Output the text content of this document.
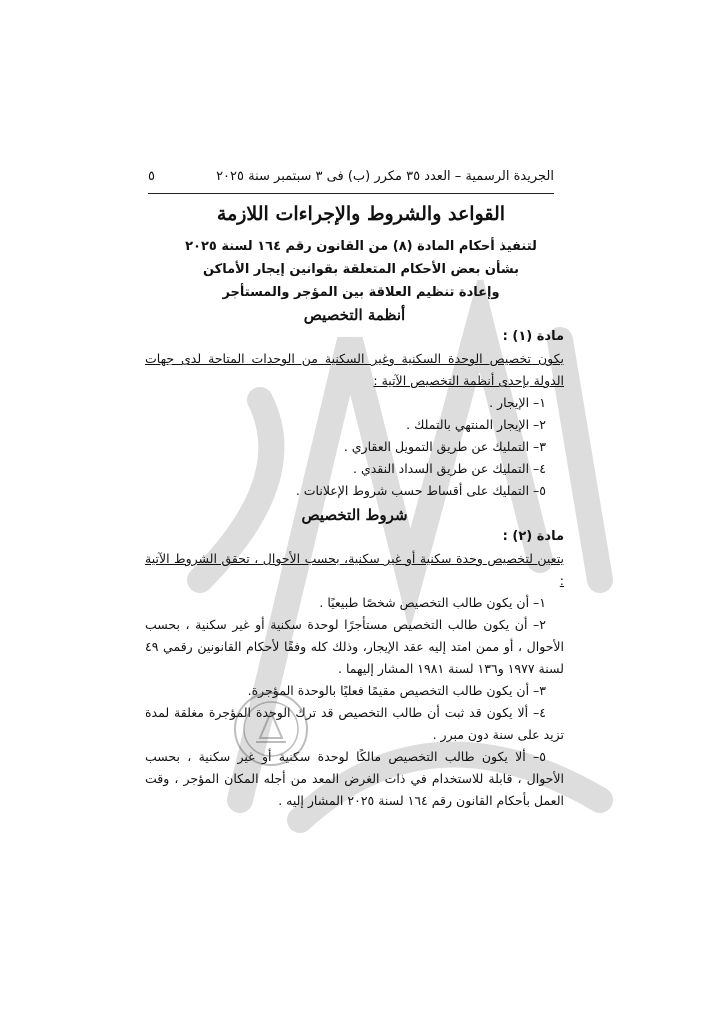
الجريدة الرسمية – العدد ٣٥ مكرر (ب) فى ٣ سبتمبر سنة ٢٠٢٥
٥
القواعد والشروط والإجراءات اللازمة
لتنفيذ أحكام المادة (٨) من القانون رقم ١٦٤ لسنة ٢٠٢٥
بشأن بعض الأحكام المتعلقة بقوانين إيجار الأماكن
وإعادة تنظيم العلاقة بين المؤجر والمستأجر
أنظمة التخصيص
مادة (١) :
يكون تخصيص الوحدة السكنية وغير السكنية من الوحدات المتاحة لدى جهات الدولة بإحدى أنظمة التخصيص الآتية :
١– الإيجار .
٢– الإيجار المنتهي بالتملك .
٣– التمليك عن طريق التمويل العقاري .
٤– التمليك عن طريق السداد النقدي .
٥– التمليك على أقساط حسب شروط الإعلانات .
شروط التخصيص
مادة (٢) :
يتعين لتخصيص وحدة سكنية أو غير سكنية، بحسب الأحوال ، تحقق الشروط الآتية :
١– أن يكون طالب التخصيص شخصًا طبيعيًا .
٢– أن يكون طالب التخصيص مستأجرًا لوحدة سكنية أو غير سكنية ، بحسب الأحوال ، أو ممن امتد إليه عقد الإيجار، وذلك كله وفقًا لأحكام القانونين رقمي ٤٩ لسنة ١٩٧٧ و١٣٦ لسنة ١٩٨١ المشار إليهما .
٣– أن يكون طالب التخصيص مقيمًا فعليًا بالوحدة المؤجرة.
٤– ألا يكون قد ثبت أن طالب التخصيص قد ترك الوحدة المؤجرة مغلقة لمدة تزيد على سنة دون مبرر .
٥– ألا يكون طالب التخصيص مالكًا لوحدة سكنية أو غير سكنية ، بحسب الأحوال ، قابلة للاستخدام في ذات الغرض المعد من أجله المكان المؤجر ، وقت العمل بأحكام القانون رقم ١٦٤ لسنة ٢٠٢٥ المشار إليه .
